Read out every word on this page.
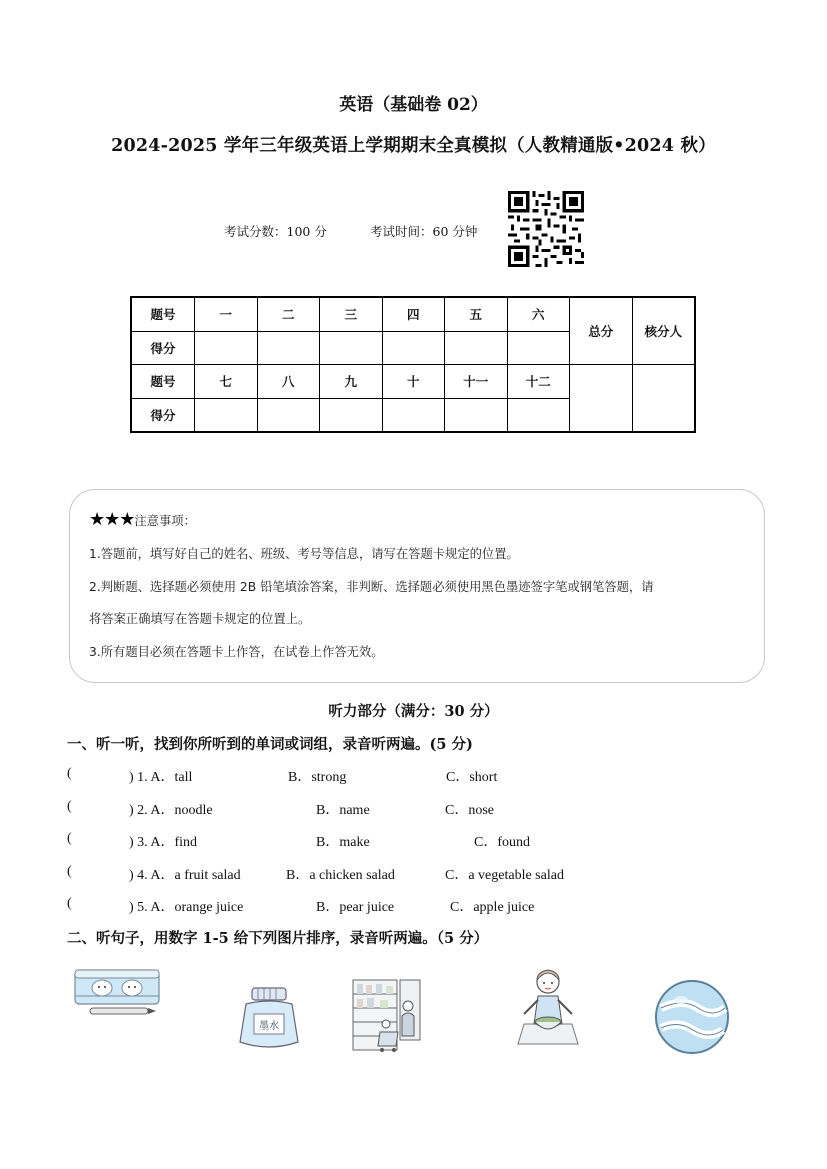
英语（基础卷 02）
2024-2025 学年三年级英语上学期期末全真模拟（人教精通版•2024 秋）
考试分数：100 分	考试时间：60 分钟
题号	一	二	三	四	五	六	总分	核分人
得分								
题号	七	八	九	十	十一	十二		
得分								
★★★注意事项：
1.答题前，填写好自己的姓名、班级、考号等信息，请写在答题卡规定的位置。
2.判断题、选择题必须使用 2B 铅笔填涂答案，非判断、选择题必须使用黑色墨迹签字笔或钢笔答题，请
将答案正确填写在答题卡规定的位置上。
3.所有题目必须在答题卡上作答，在试卷上作答无效。
听力部分（满分：30 分）
一、听一听，找到你所听到的单词或词组，录音听两遍。(5 分)
(	) 1. A．tall	B．strong	C．short
(	) 2. A．noodle	B．name	C．nose
(	) 3. A．find	B．make	C．found
(	) 4. A．a fruit salad	B．a chicken salad	C．a vegetable salad
(	) 5. A．orange juice	B．pear juice	C．apple juice
二、听句子，用数字 1-5 给下列图片排序，录音听两遍。（5 分）
墨水
